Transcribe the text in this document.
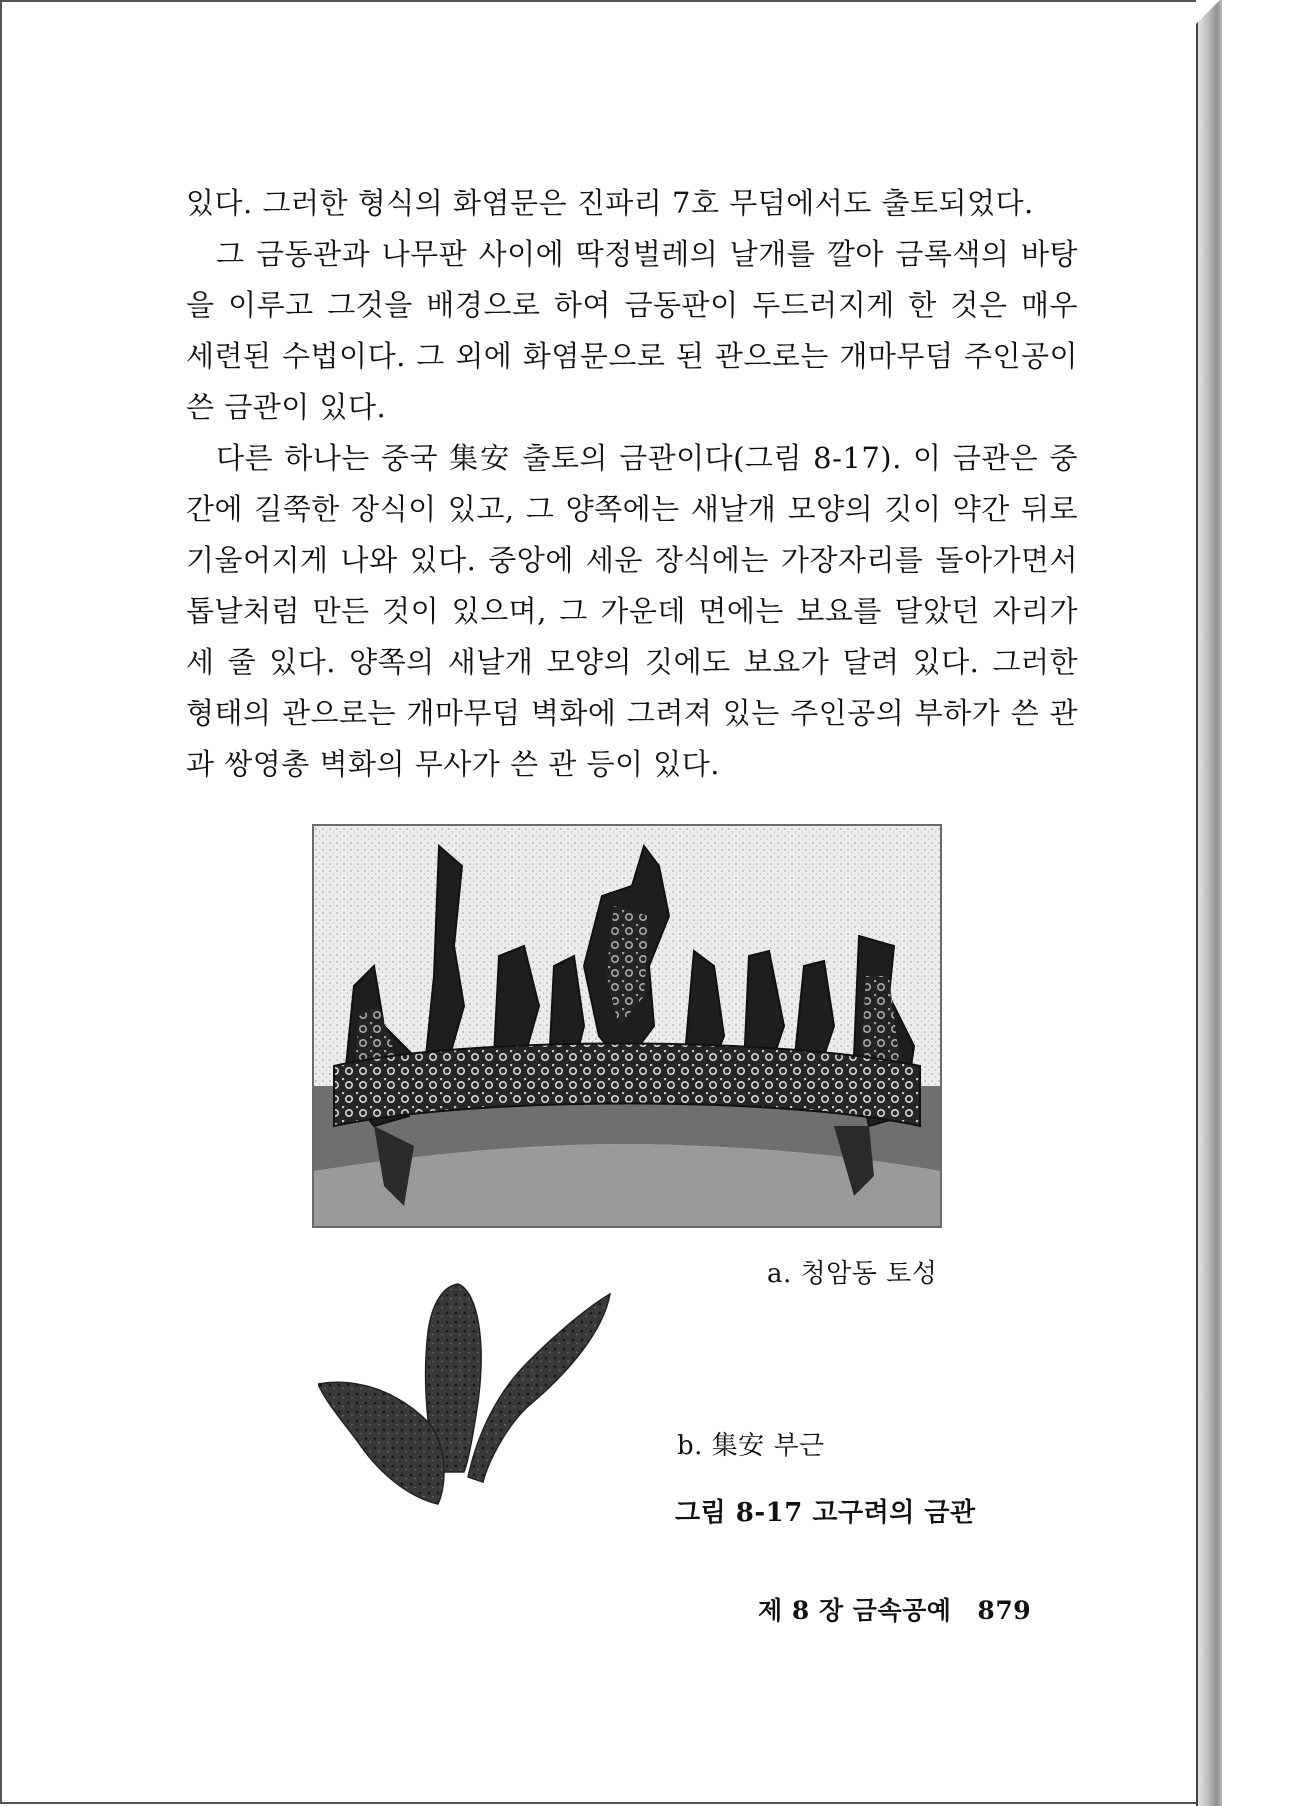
있다. 그러한 형식의 화염문은 진파리 7호 무덤에서도 출토되었다.

그 금동관과 나무판 사이에 딱정벌레의 날개를 깔아 금록색의 바탕을 이루고 그것을 배경으로 하여 금동판이 두드러지게 한 것은 매우 세련된 수법이다. 그 외에 화염문으로 된 관으로는 개마무덤 주인공이 쓴 금관이 있다.

다른 하나는 중국 集安 출토의 금관이다(그림 8-17). 이 금관은 중간에 길쭉한 장식이 있고, 그 양쪽에는 새날개 모양의 깃이 약간 뒤로 기울어지게 나와 있다. 중앙에 세운 장식에는 가장자리를 돌아가면서 톱날처럼 만든 것이 있으며, 그 가운데 면에는 보요를 달았던 자리가 세 줄 있다. 양쪽의 새날개 모양의 깃에도 보요가 달려 있다. 그러한 형태의 관으로는 개마무덤 벽화에 그려져 있는 주인공의 부하가 쓴 관과 쌍영총 벽화의 무사가 쓴 관 등이 있다.

a. 청암동 토성
b. 集安 부근
그림 8-17 고구려의 금관
제 8 장 금속공예 879
